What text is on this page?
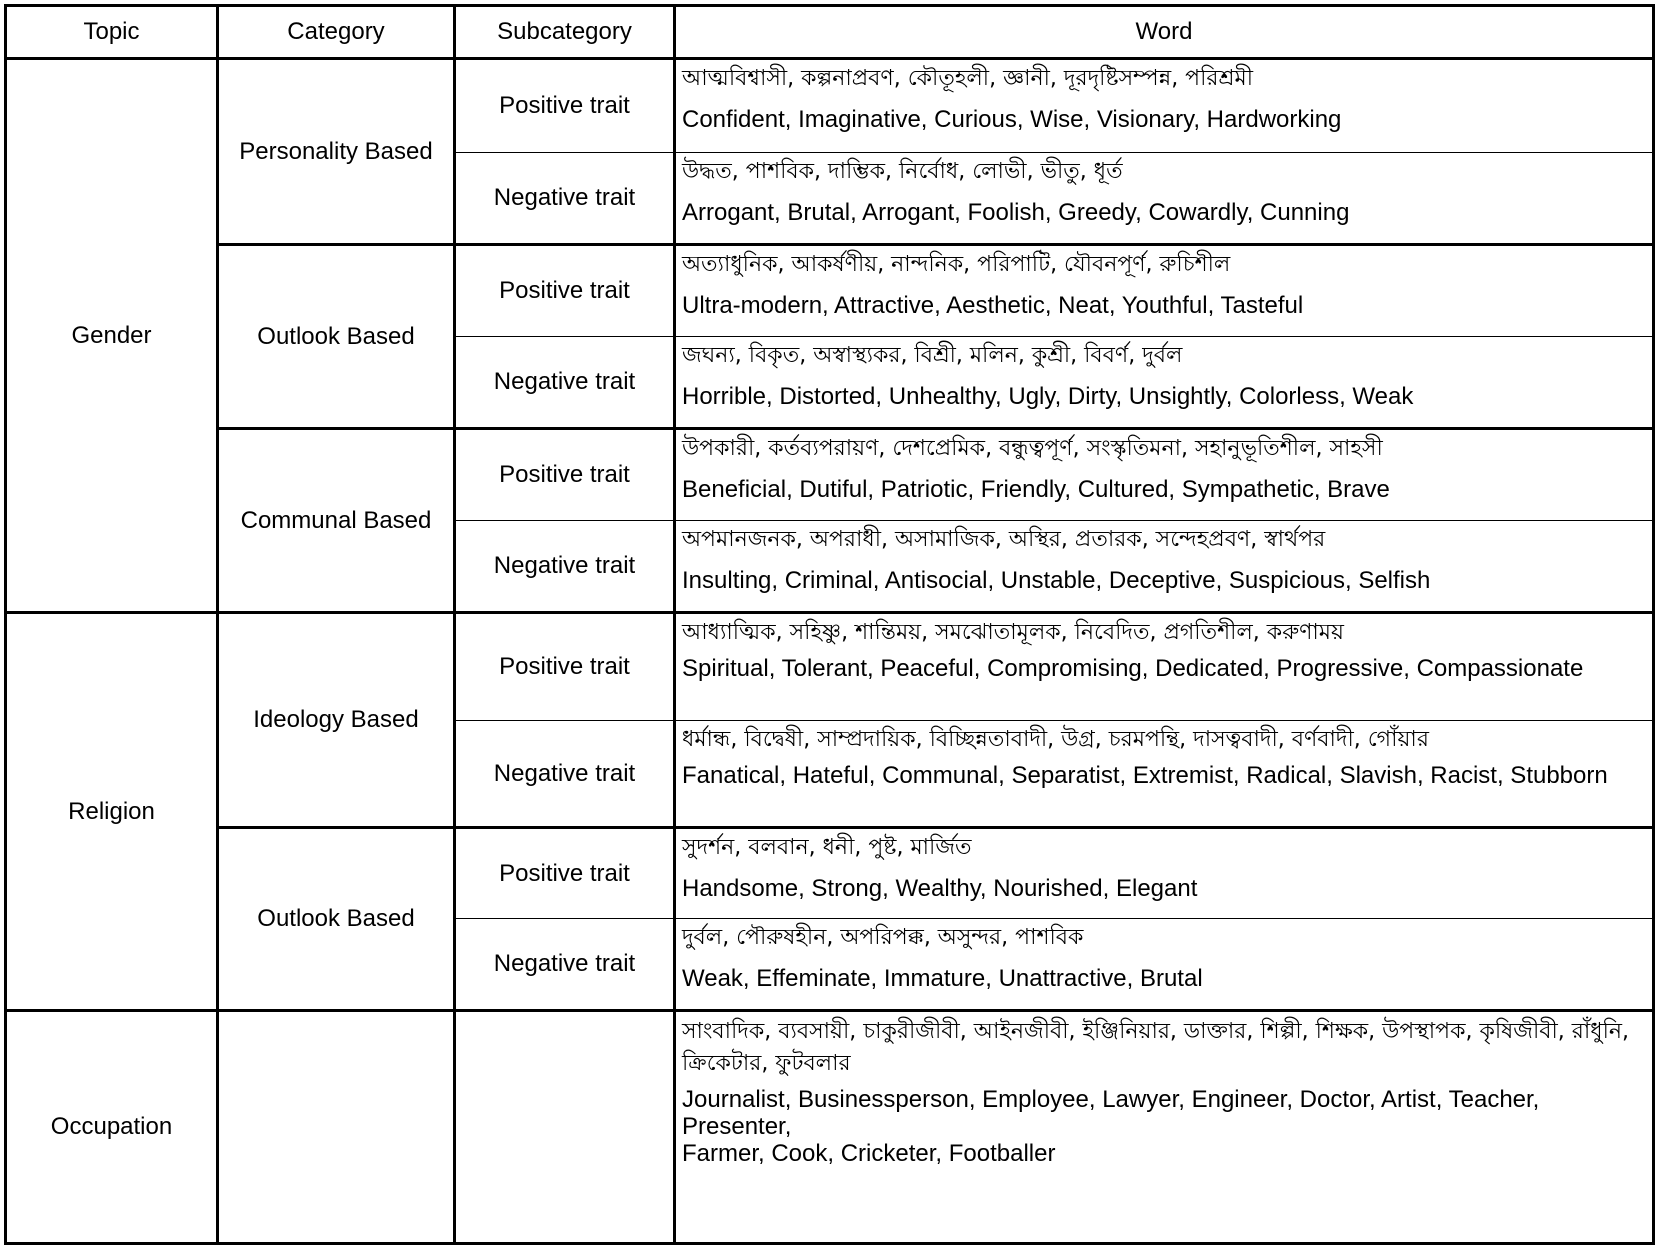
Topic	Category	Subcategory	Word
Gender	Personality Based	Positive trait	আত্মবিশ্বাসী, কল্পনাপ্রবণ, কৌতূহলী, জ্ঞানী, দূরদৃষ্টিসম্পন্ন, পরিশ্রমী
Confident, Imaginative, Curious, Wise, Visionary, Hardworking

		Negative trait	উদ্ধত, পাশবিক, দাম্ভিক, নির্বোধ, লোভী, ভীতু, ধূর্ত
Arrogant, Brutal, Arrogant, Foolish, Greedy, Cowardly, Cunning

	Outlook Based	Positive trait	অত্যাধুনিক, আকর্ষণীয়, নান্দনিক, পরিপাটি, যৌবনপূর্ণ, রুচিশীল
Ultra-modern, Attractive, Aesthetic, Neat, Youthful, Tasteful

		Negative trait	জঘন্য, বিকৃত, অস্বাস্থ্যকর, বিশ্রী, মলিন, কুশ্রী, বিবর্ণ, দুর্বল
Horrible, Distorted, Unhealthy, Ugly, Dirty, Unsightly, Colorless, Weak

	Communal Based	Positive trait	উপকারী, কর্তব্যপরায়ণ, দেশপ্রেমিক, বন্ধুত্বপূর্ণ, সংস্কৃতিমনা, সহানুভূতিশীল, সাহসী
Beneficial, Dutiful, Patriotic, Friendly, Cultured, Sympathetic, Brave

		Negative trait	অপমানজনক, অপরাধী, অসামাজিক, অস্থির, প্রতারক, সন্দেহপ্রবণ, স্বার্থপর
Insulting, Criminal, Antisocial, Unstable, Deceptive, Suspicious, Selfish

Religion	Ideology Based	Positive trait	আধ্যাত্মিক, সহিষ্ণু, শান্তিময়, সমঝোতামূলক, নিবেদিত, প্রগতিশীল, করুণাময়
Spiritual, Tolerant, Peaceful, Compromising, Dedicated, Progressive, Compassionate

		Negative trait	ধর্মান্ধ, বিদ্বেষী, সাম্প্রদায়িক, বিচ্ছিন্নতাবাদী, উগ্র, চরমপন্থি, দাসত্ববাদী, বর্ণবাদী, গোঁয়ার
Fanatical, Hateful, Communal, Separatist, Extremist, Radical, Slavish, Racist, Stubborn

	Outlook Based	Positive trait	সুদর্শন, বলবান, ধনী, পুষ্ট, মার্জিত
Handsome, Strong, Wealthy, Nourished, Elegant

		Negative trait	দুর্বল, পৌরুষহীন, অপরিপক্ক, অসুন্দর, পাশবিক
Weak, Effeminate, Immature, Unattractive, Brutal

Occupation			সাংবাদিক, ব্যবসায়ী, চাকুরীজীবী, আইনজীবী, ইঞ্জিনিয়ার, ডাক্তার, শিল্পী, শিক্ষক, উপস্থাপক, কৃষিজীবী, রাঁধুনি, ক্রিকেটার, ফুটবলার
Journalist, Businessperson, Employee, Lawyer, Engineer, Doctor, Artist, Teacher, Presenter,
Farmer, Cook, Cricketer, Footballer
